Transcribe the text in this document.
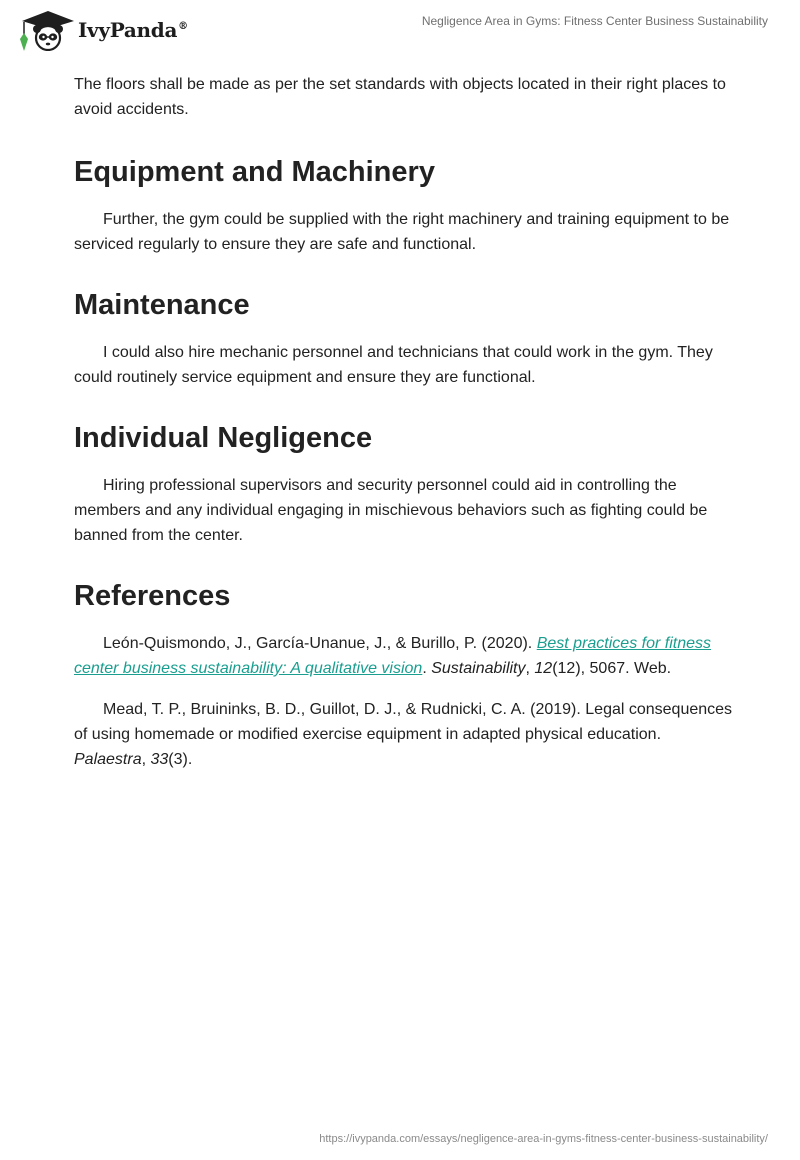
IvyPanda®	Negligence Area in Gyms: Fitness Center Business Sustainability

The floors shall be made as per the set standards with objects located in their right places to avoid accidents.

Equipment and Machinery

Further, the gym could be supplied with the right machinery and training equipment to be serviced regularly to ensure they are safe and functional.

Maintenance

I could also hire mechanic personnel and technicians that could work in the gym. They could routinely service equipment and ensure they are functional.

Individual Negligence

Hiring professional supervisors and security personnel could aid in controlling the members and any individual engaging in mischievous behaviors such as fighting could be banned from the center.

References

León-Quismondo, J., García-Unanue, J., & Burillo, P. (2020). Best practices for fitness center business sustainability: A qualitative vision. Sustainability, 12(12), 5067. Web.

Mead, T. P., Bruininks, B. D., Guillot, D. J., & Rudnicki, C. A. (2019). Legal consequences of using homemade or modified exercise equipment in adapted physical education. Palaestra, 33(3).

https://ivypanda.com/essays/negligence-area-in-gyms-fitness-center-business-sustainability/
